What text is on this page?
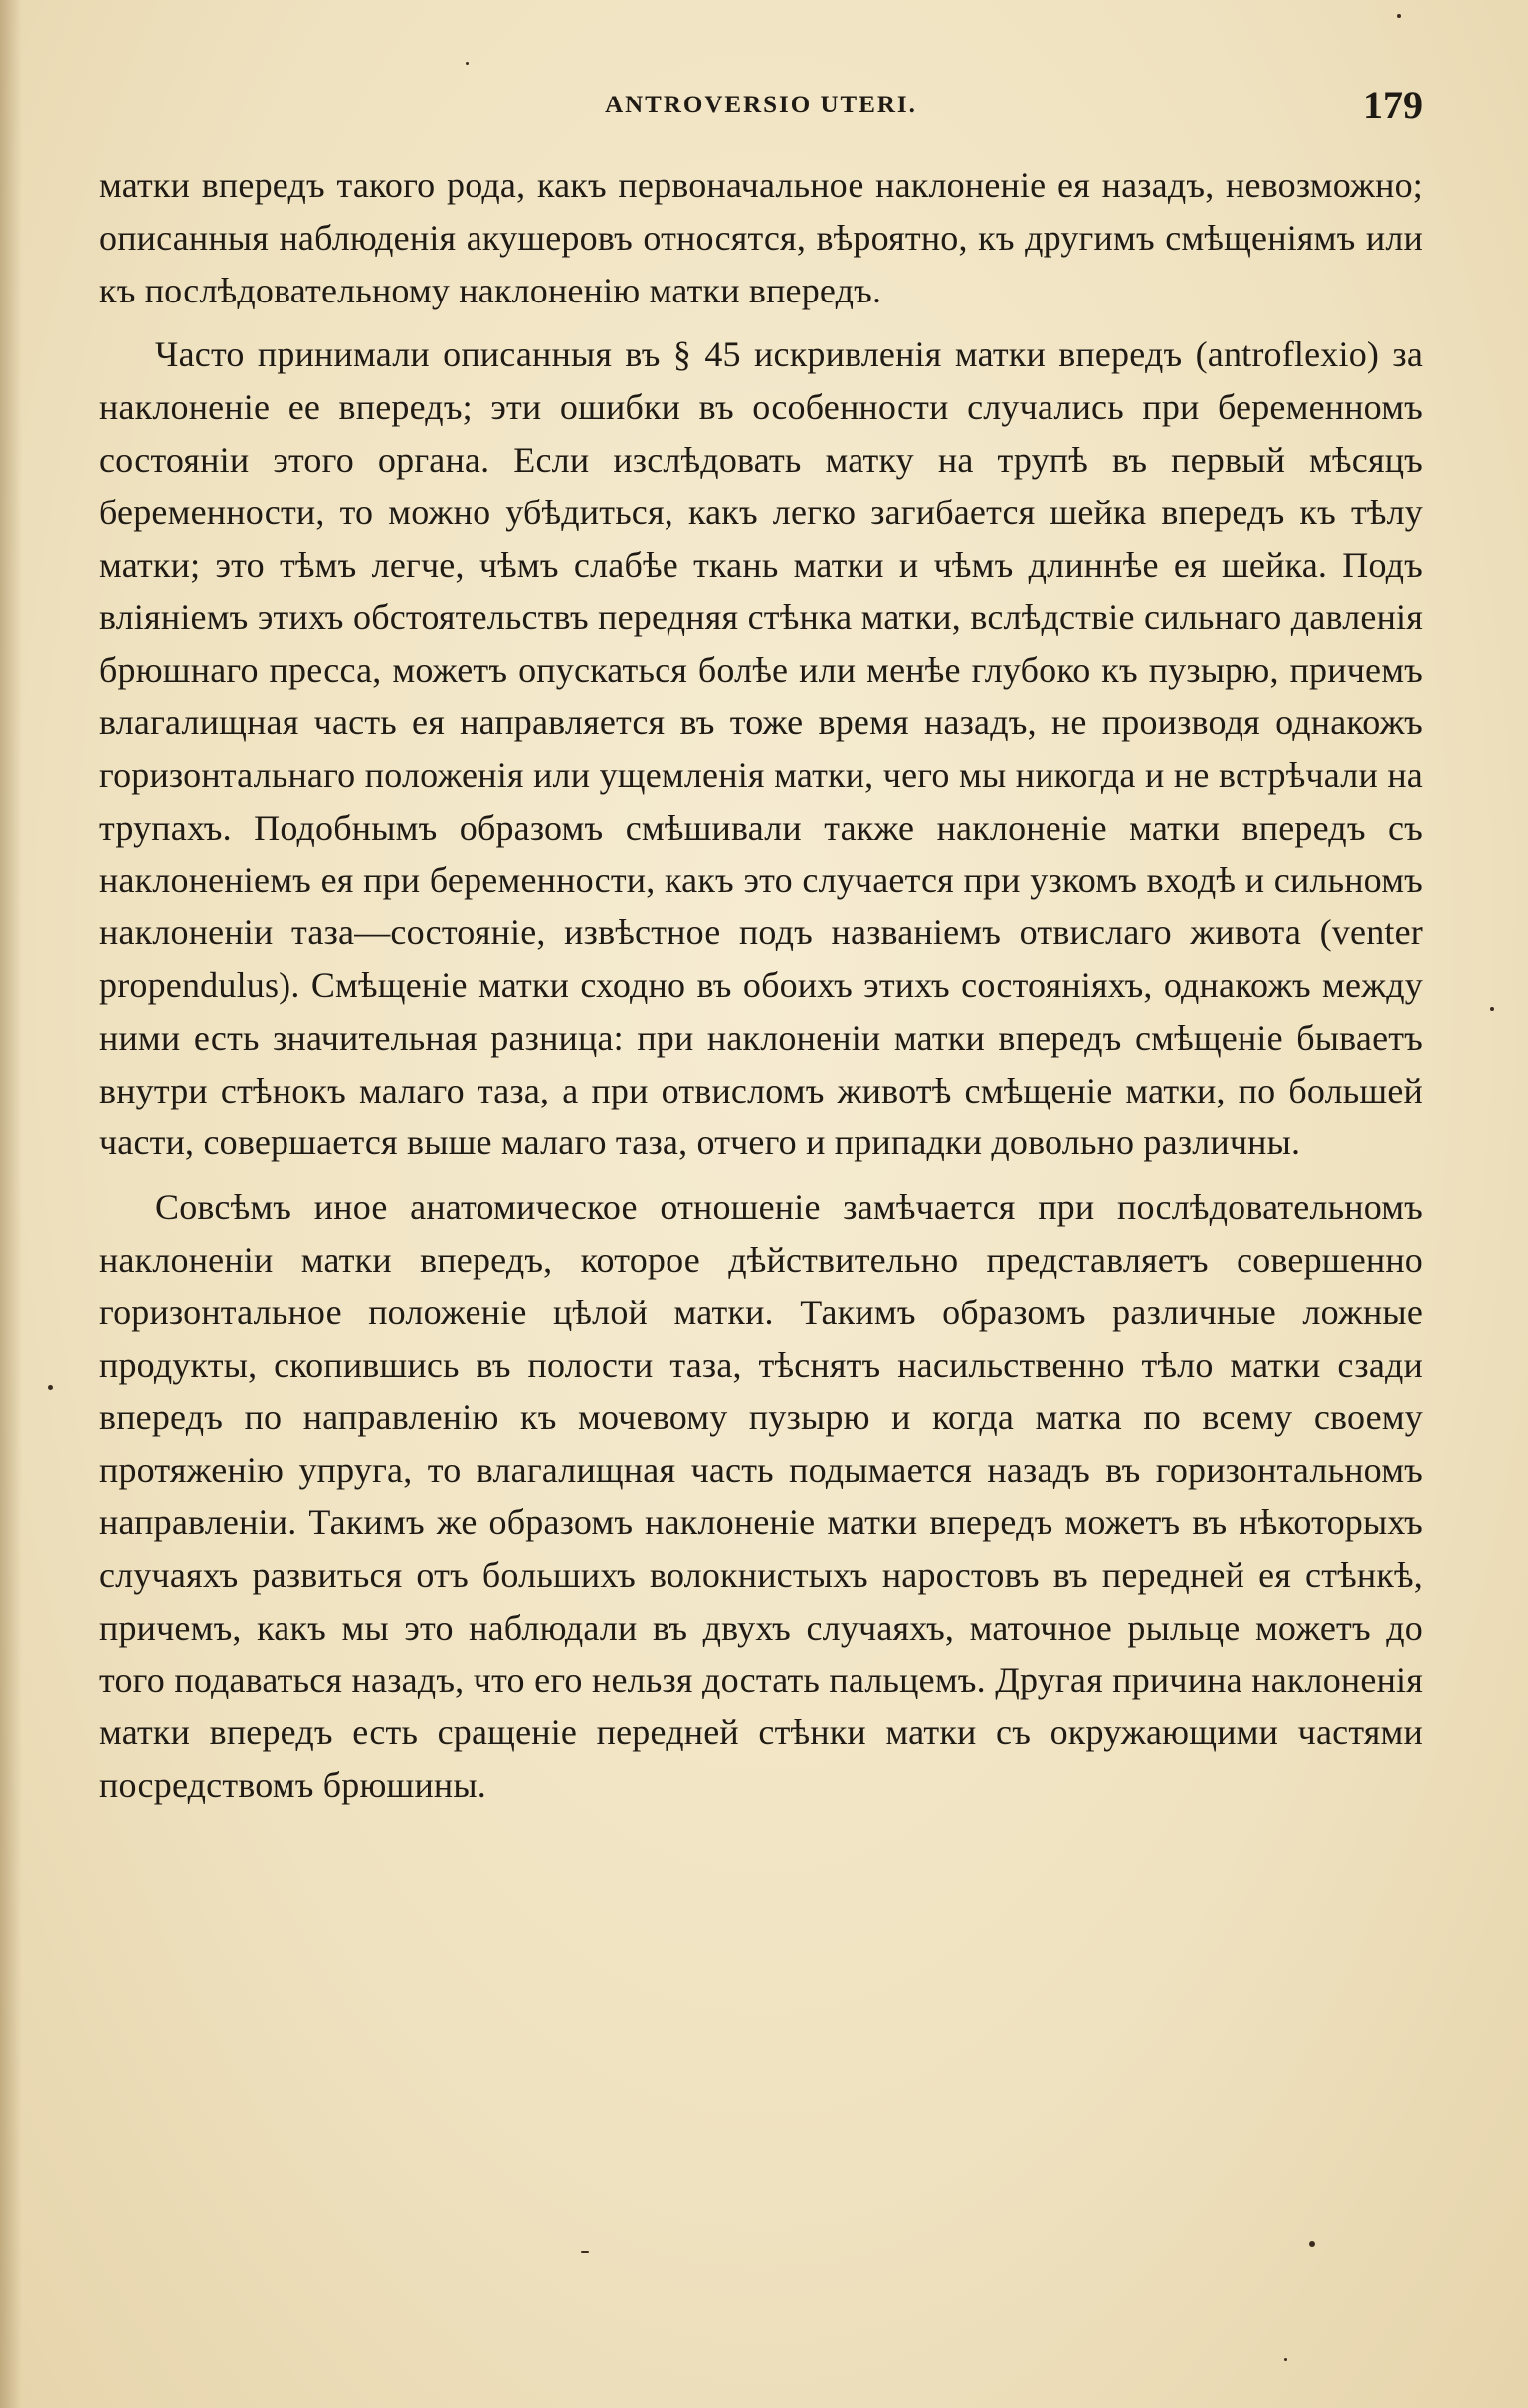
ANTROVERSIO UTERI.	179

матки впередъ такого рода, какъ первоначальное наклоненіе ея назадъ, невозможно; описанныя наблюденія акушеровъ относятся, вѣроятно, къ другимъ смѣщеніямъ или къ послѣдовательному наклоненію матки впередъ.

Часто принимали описанныя въ § 45 искривленія матки впередъ (antroflexio) за наклоненіе ее впередъ; эти ошибки въ особенности случались при беременномъ состояніи этого органа. Если изслѣдовать матку на трупѣ въ первый мѣсяцъ беременности, то можно убѣдиться, какъ легко загибается шейка впередъ къ тѣлу матки; это тѣмъ легче, чѣмъ слабѣе ткань матки и чѣмъ длиннѣе ея шейка. Подъ вліяніемъ этихъ обстоятельствъ передняя стѣнка матки, вслѣдствіе сильнаго давленія брюшнаго пресса, можетъ опускаться болѣе или менѣе глубоко къ пузырю, причемъ влагалищная часть ея направляется въ тоже время назадъ, не производя однакожъ горизонтальнаго положенія или ущемленія матки, чего мы никогда и не встрѣчали на трупахъ. Подобнымъ образомъ смѣшивали также наклоненіе матки впередъ съ наклоненіемъ ея при беременности, какъ это случается при узкомъ входѣ и сильномъ наклоненіи таза—состояніе, извѣстное подъ названіемъ отвислаго живота (venter propendulus). Смѣщеніе матки сходно въ обоихъ этихъ состояніяхъ, однакожъ между ними есть значительная разница: при наклоненіи матки впередъ смѣщеніе бываетъ внутри стѣнокъ малаго таза, а при отвисломъ животѣ смѣщеніе матки, по большей части, совершается выше малаго таза, отчего и припадки довольно различны.

Совсѣмъ иное анатомическое отношеніе замѣчается при послѣдовательномъ наклоненіи матки впередъ, которое дѣйствительно представляетъ совершенно горизонтальное положеніе цѣлой матки. Такимъ образомъ различные ложные продукты, скопившись въ полости таза, тѣснятъ насильственно тѣло матки сзади впередъ по направленію къ мочевому пузырю и когда матка по всему своему протяженію упруга, то влагалищная часть подымается назадъ въ горизонтальномъ направленіи. Такимъ же образомъ наклоненіе матки впередъ можетъ въ нѣкоторыхъ случаяхъ развиться отъ большихъ волокнистыхъ наростовъ въ передней ея стѣнкѣ, причемъ, какъ мы это наблюдали въ двухъ случаяхъ, маточное рыльце можетъ до того подаваться назадъ, что его нельзя достать пальцемъ. Другая причина наклоненія матки впередъ есть сращеніе передней стѣнки матки съ окружающими частями посредствомъ брюшины.
